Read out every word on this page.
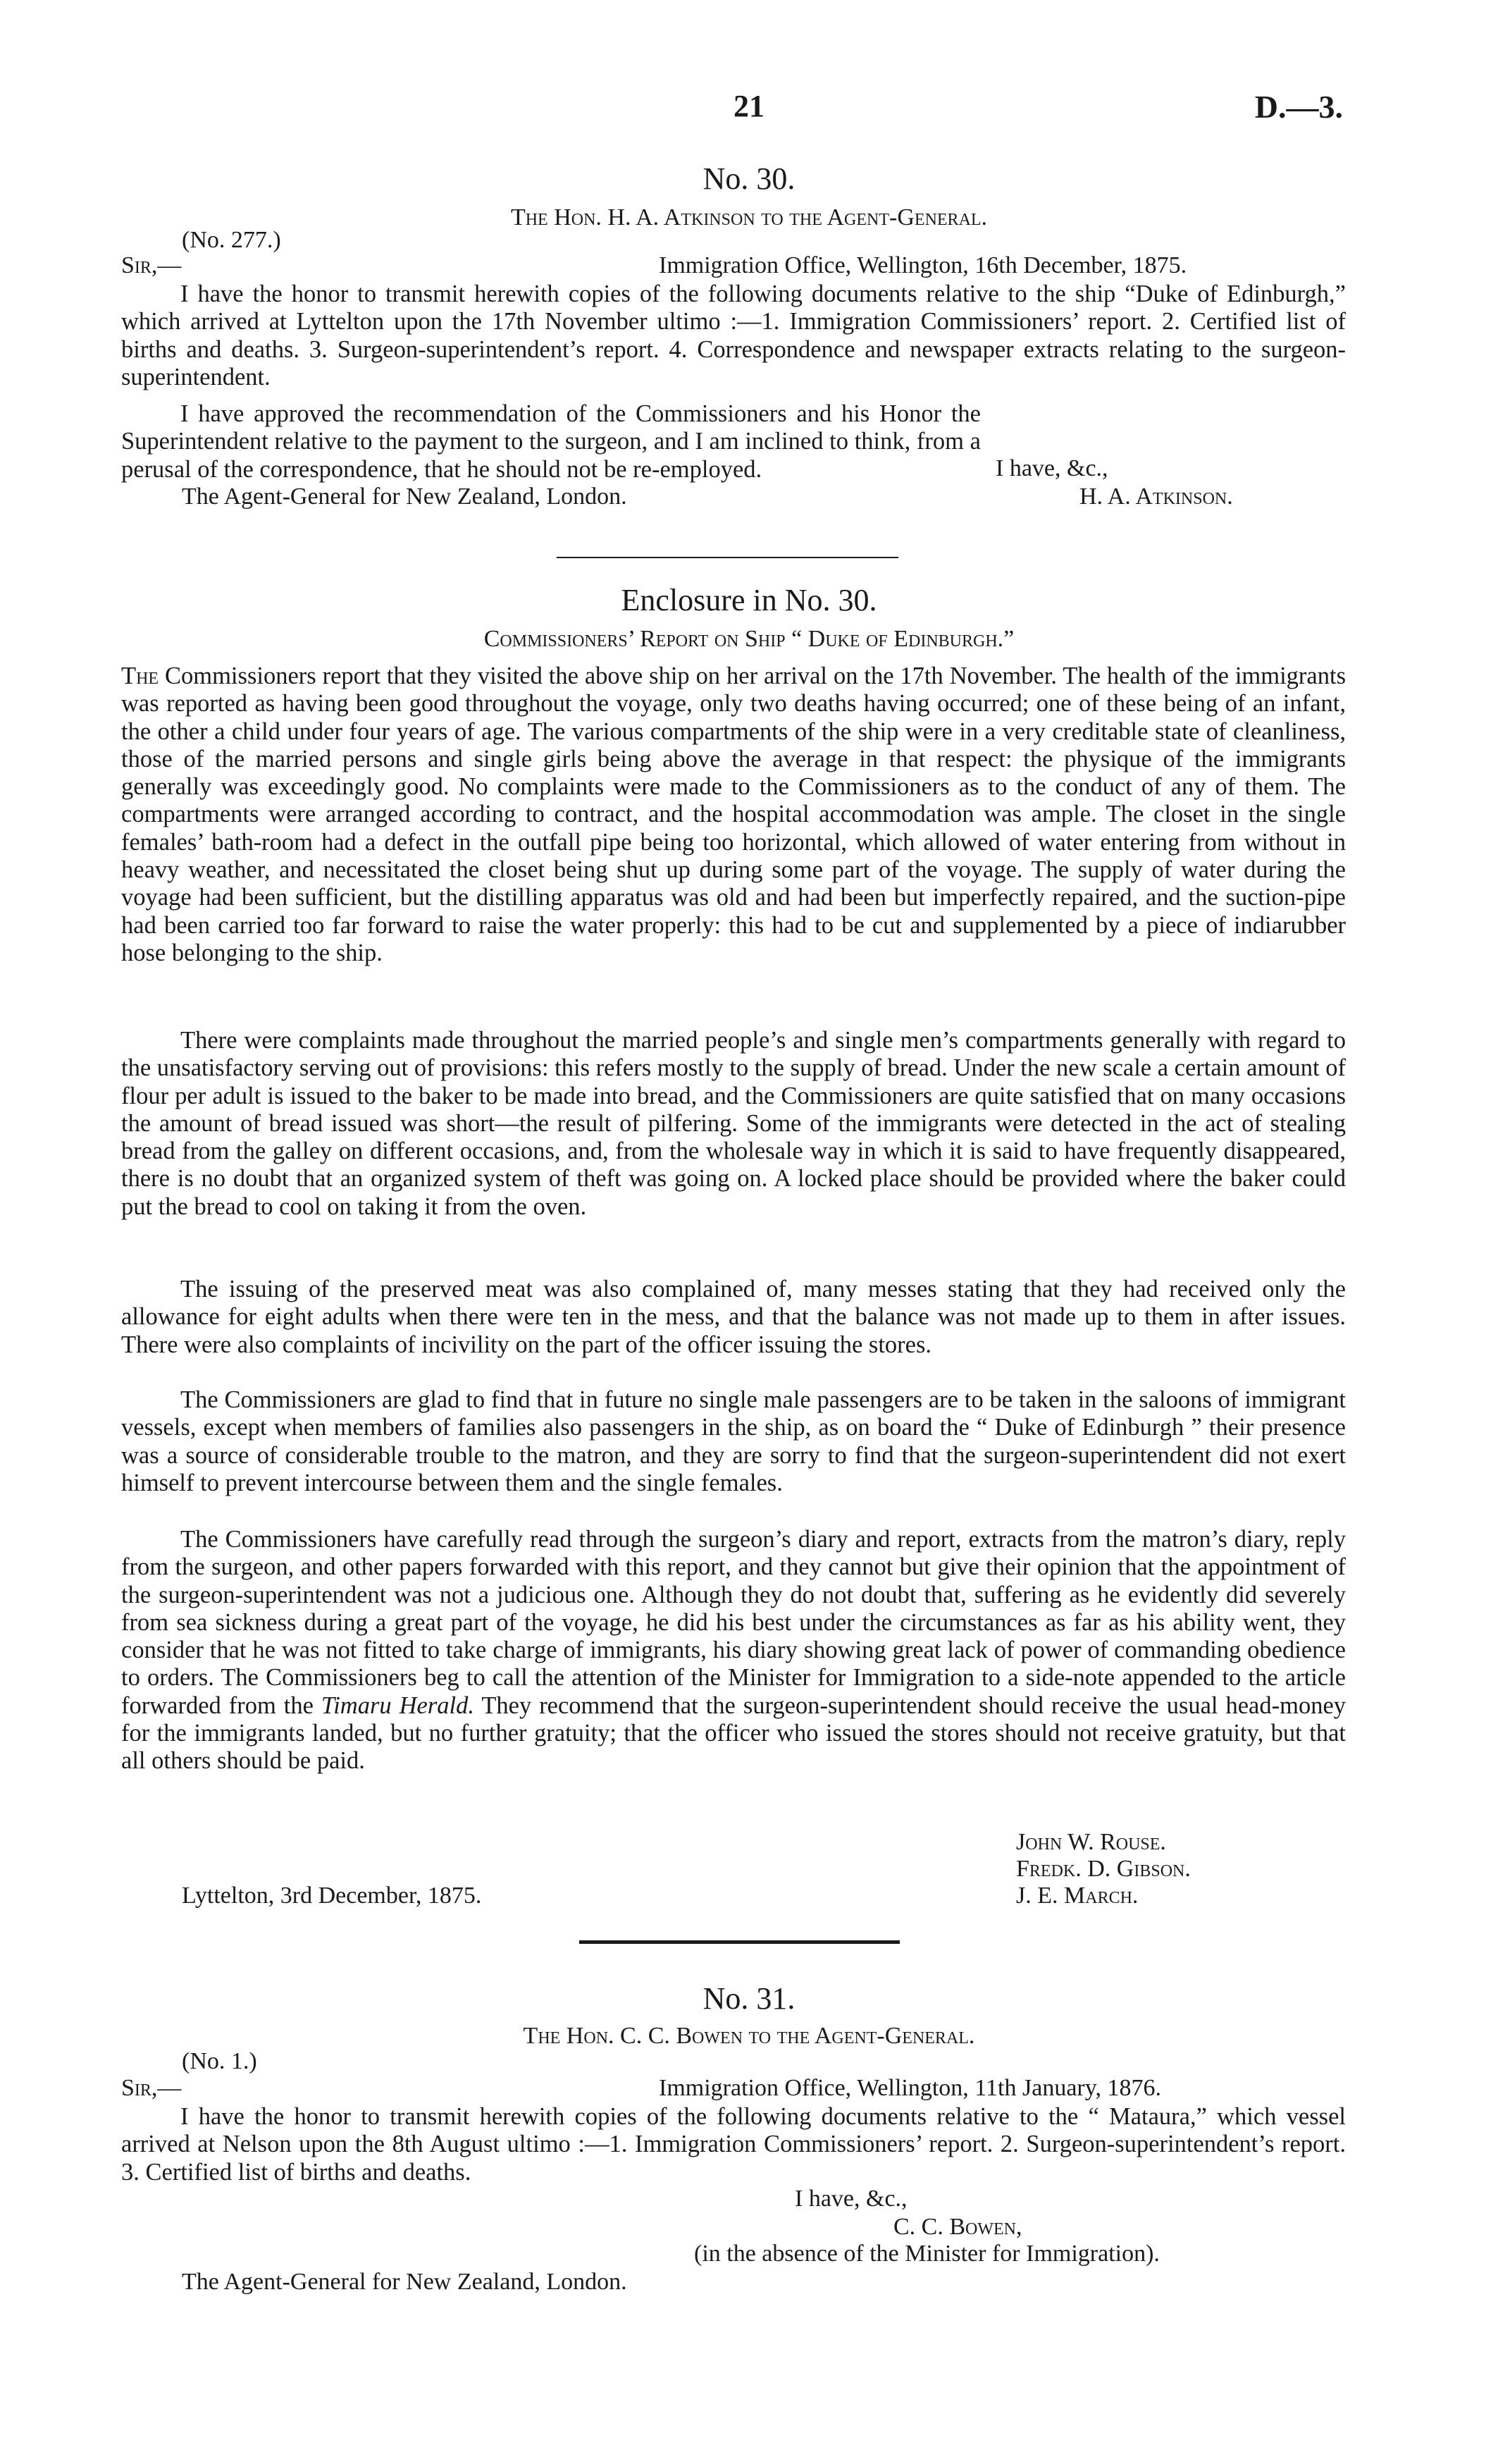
21	D.—3.
No. 30.
The Hon. H. A. Atkinson to the Agent-General.
(No. 277.)
Sir,—	Immigration Office, Wellington, 16th December, 1875.
I have the honor to transmit herewith copies of the following documents relative to the ship “Duke of Edinburgh,” which arrived at Lyttelton upon the 17th November ultimo :—1. Immigration Commissioners’ report. 2. Certified list of births and deaths. 3. Surgeon-superintendent’s report. 4. Correspondence and newspaper extracts relating to the surgeon-superintendent.
I have approved the recommendation of the Commissioners and his Honor the Superintendent relative to the payment to the surgeon, and I am inclined to think, from a perusal of the correspondence, that he should not be re-employed.	I have, &c.,
The Agent-General for New Zealand, London.	H. A. Atkinson.
Enclosure in No. 30.
Commissioners’ Report on Ship “ Duke of Edinburgh.”
The Commissioners report that they visited the above ship on her arrival on the 17th November. The health of the immigrants was reported as having been good throughout the voyage, only two deaths having occurred; one of these being of an infant, the other a child under four years of age. The various compartments of the ship were in a very creditable state of cleanliness, those of the married persons and single girls being above the average in that respect: the physique of the immigrants generally was exceedingly good. No complaints were made to the Commissioners as to the conduct of any of them. The compartments were arranged according to contract, and the hospital accommodation was ample. The closet in the single females’ bath-room had a defect in the outfall pipe being too horizontal, which allowed of water entering from without in heavy weather, and necessitated the closet being shut up during some part of the voyage. The supply of water during the voyage had been sufficient, but the distilling apparatus was old and had been but imperfectly repaired, and the suction-pipe had been carried too far forward to raise the water properly: this had to be cut and supplemented by a piece of indiarubber hose belonging to the ship.
There were complaints made throughout the married people’s and single men’s compartments generally with regard to the unsatisfactory serving out of provisions: this refers mostly to the supply of bread. Under the new scale a certain amount of flour per adult is issued to the baker to be made into bread, and the Commissioners are quite satisfied that on many occasions the amount of bread issued was short—the result of pilfering. Some of the immigrants were detected in the act of stealing bread from the galley on different occasions, and, from the wholesale way in which it is said to have frequently disappeared, there is no doubt that an organized system of theft was going on. A locked place should be provided where the baker could put the bread to cool on taking it from the oven.
The issuing of the preserved meat was also complained of, many messes stating that they had received only the allowance for eight adults when there were ten in the mess, and that the balance was not made up to them in after issues. There were also complaints of incivility on the part of the officer issuing the stores.
The Commissioners are glad to find that in future no single male passengers are to be taken in the saloons of immigrant vessels, except when members of families also passengers in the ship, as on board the “ Duke of Edinburgh ” their presence was a source of considerable trouble to the matron, and they are sorry to find that the surgeon-superintendent did not exert himself to prevent intercourse between them and the single females.
The Commissioners have carefully read through the surgeon’s diary and report, extracts from the matron’s diary, reply from the surgeon, and other papers forwarded with this report, and they cannot but give their opinion that the appointment of the surgeon-superintendent was not a judicious one. Although they do not doubt that, suffering as he evidently did severely from sea sickness during a great part of the voyage, he did his best under the circumstances as far as his ability went, they consider that he was not fitted to take charge of immigrants, his diary showing great lack of power of commanding obedience to orders. The Commissioners beg to call the attention of the Minister for Immigration to a side-note appended to the article forwarded from the Timaru Herald. They recommend that the surgeon-superintendent should receive the usual head-money for the immigrants landed, but no further gratuity; that the officer who issued the stores should not receive gratuity, but that all others should be paid.
John W. Rouse.
Fredk. D. Gibson.
Lyttelton, 3rd December, 1875.	J. E. March.
No. 31.
The Hon. C. C. Bowen to the Agent-General.
(No. 1.)
Sir,—	Immigration Office, Wellington, 11th January, 1876.
I have the honor to transmit herewith copies of the following documents relative to the “ Mataura,” which vessel arrived at Nelson upon the 8th August ultimo :—1. Immigration Commissioners’ report. 2. Surgeon-superintendent’s report. 3. Certified list of births and deaths.
I have, &c.,
C. C. Bowen,
(in the absence of the Minister for Immigration).
The Agent-General for New Zealand, London.
